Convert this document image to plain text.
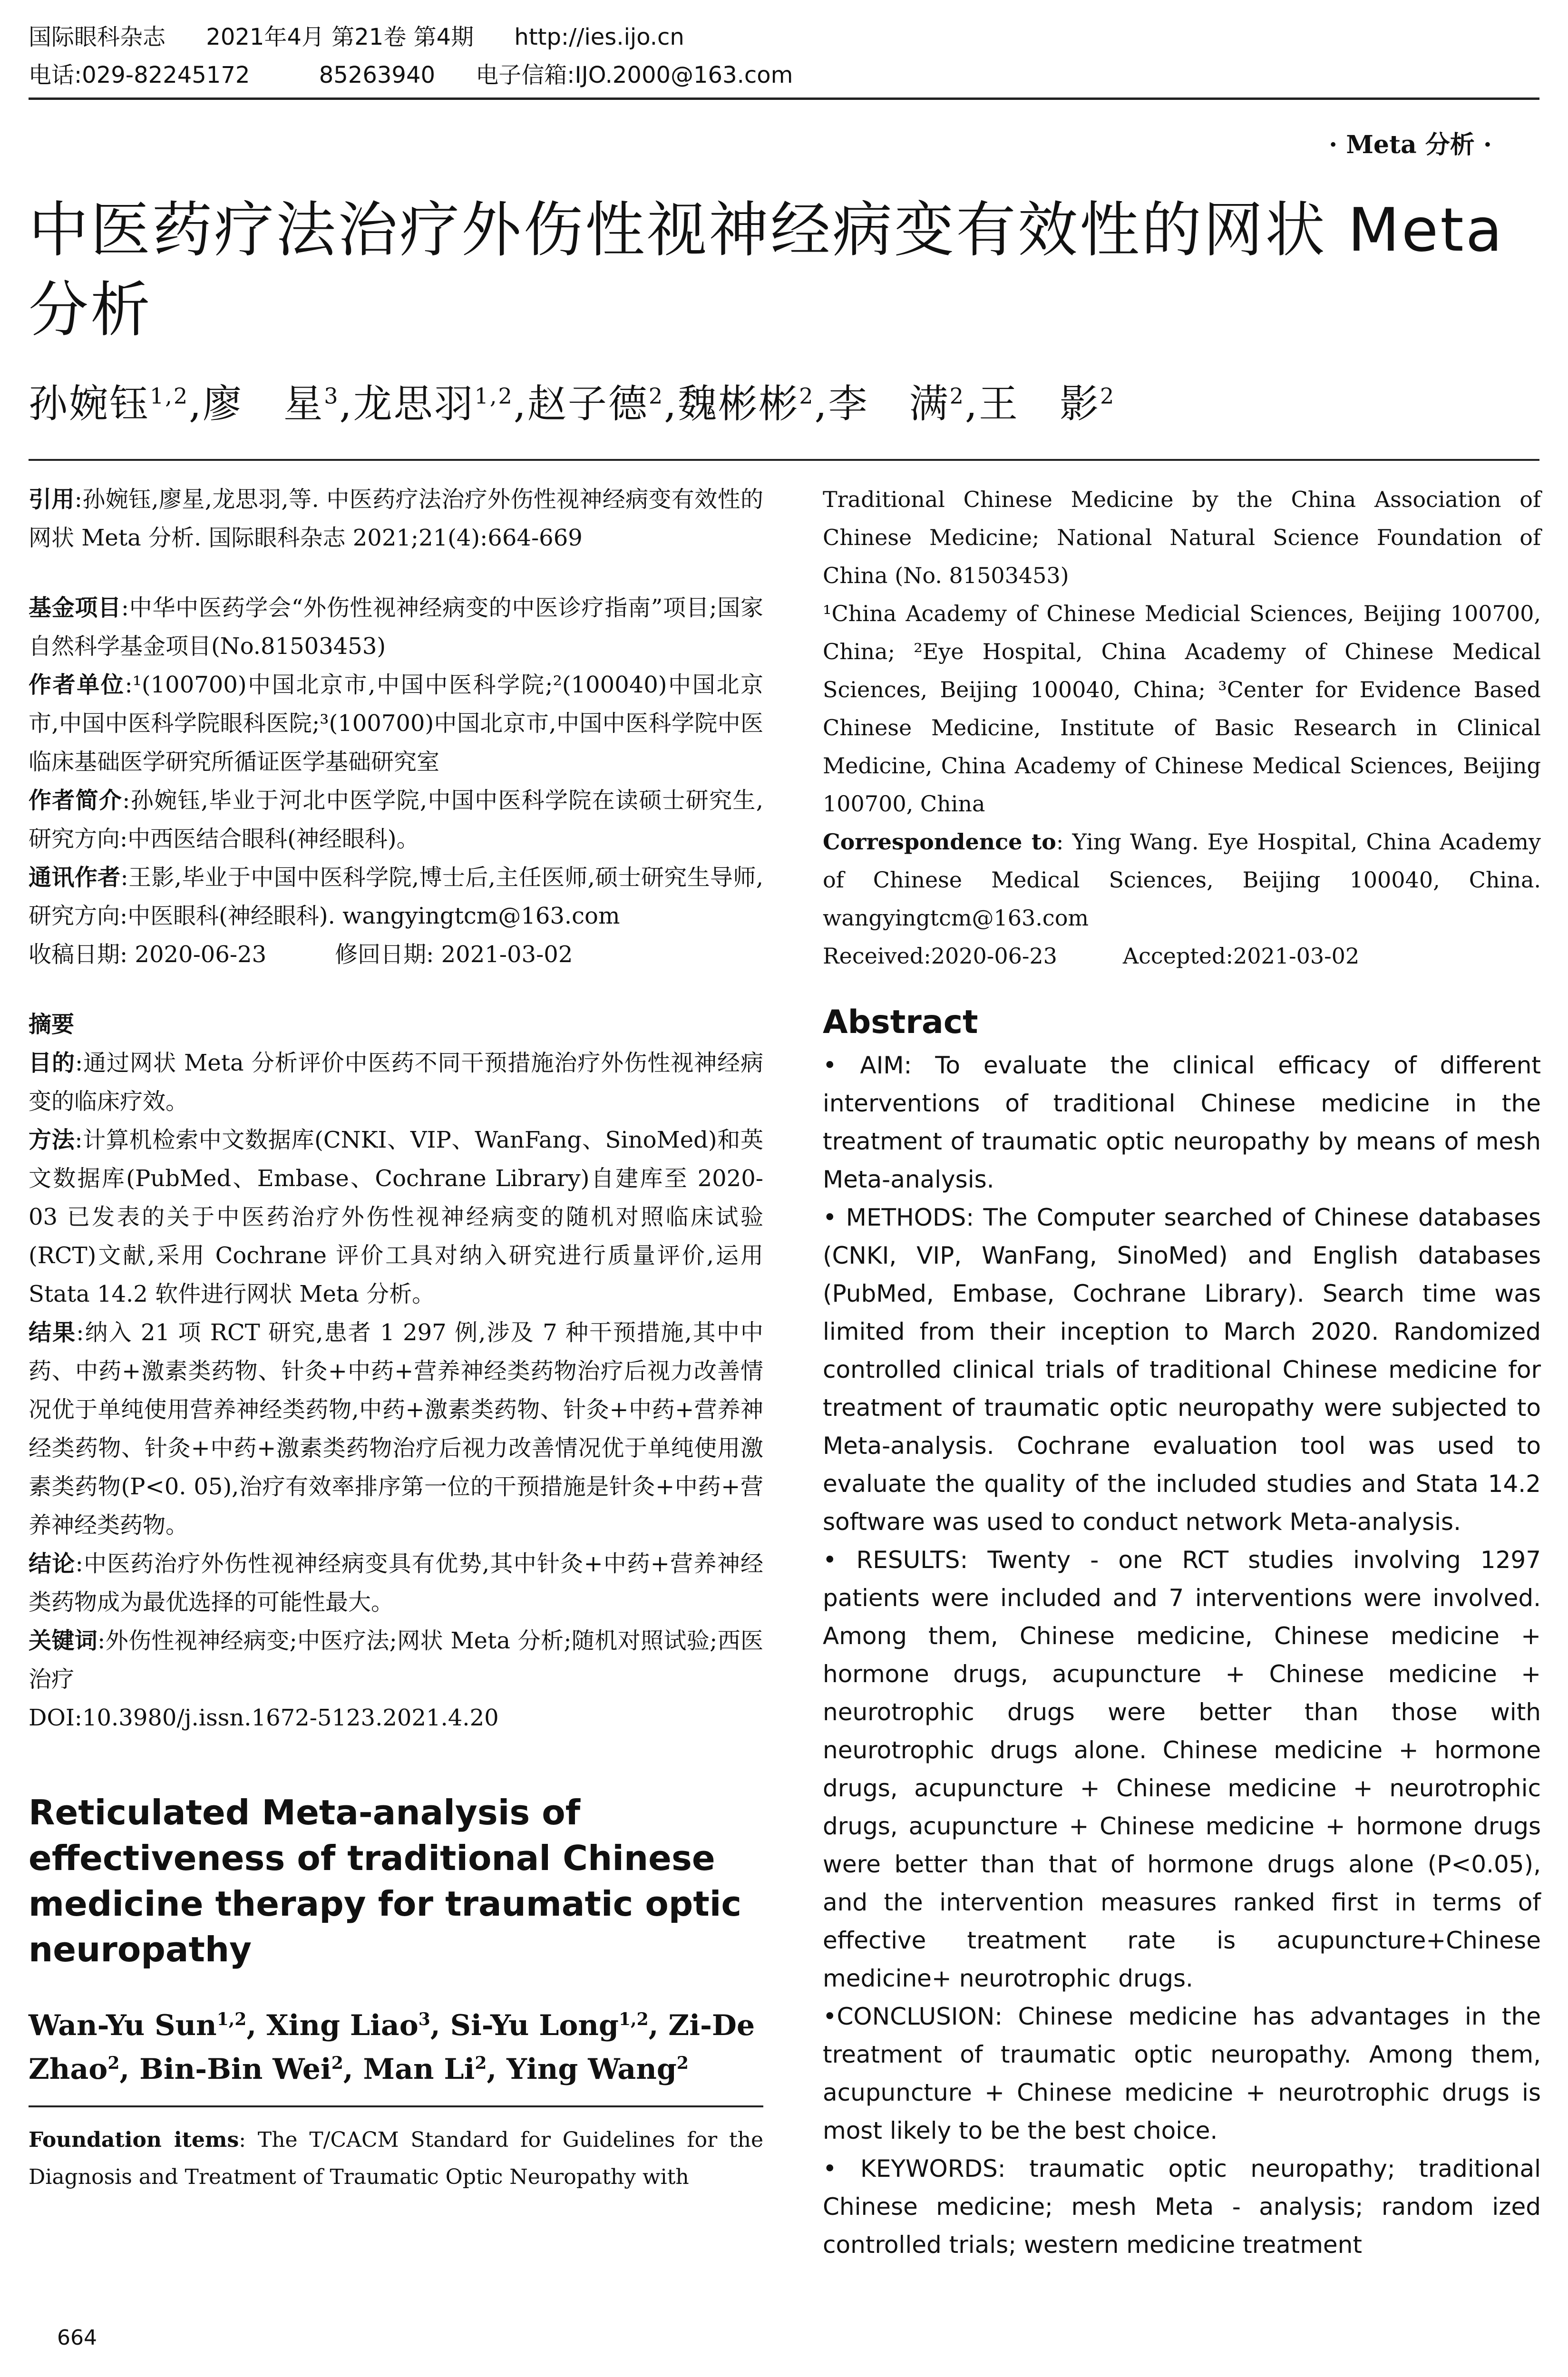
国际眼科杂志 2021年4月 第21卷 第4期 http://ies.ijo.cn
电话:029-82245172	85263940 电子信箱:IJO.2000@163.com
· Meta 分析 ·
中医药疗法治疗外伤性视神经病变有效性的网状 Meta 分析
孙婉钰$^{1,2}$,廖　星$^3$,龙思羽$^{1,2}$,赵子德$^2$,魏彬彬$^2$,李　满$^2$,王　影$^2$

引用:孙婉钰,廖星,龙思羽,等. 中医药疗法治疗外伤性视神经病变有效性的网状 Meta 分析. 国际眼科杂志 2021;21(4):664-669

基金项目:中华中医药学会“外伤性视神经病变的中医诊疗指南”项目;国家自然科学基金项目(No.81503453)

作者单位:¹(100700)中国北京市,中国中医科学院;²(100040)中国北京市,中国中医科学院眼科医院;³(100700)中国北京市,中国中医科学院中医临床基础医学研究所循证医学基础研究室

作者简介:孙婉钰,毕业于河北中医学院,中国中医科学院在读硕士研究生,研究方向:中西医结合眼科(神经眼科)。

通讯作者:王影,毕业于中国中医科学院,博士后,主任医师,硕士研究生导师,研究方向:中医眼科(神经眼科). wangyingtcm@163.com

收稿日期: 2020-06-23　　　修回日期: 2021-03-02

摘要

目的:通过网状 Meta 分析评价中医药不同干预措施治疗外伤性视神经病变的临床疗效。

方法:计算机检索中文数据库(CNKI、VIP、WanFang、SinoMed)和英文数据库(PubMed、Embase、Cochrane Library)自建库至 2020-03 已发表的关于中医药治疗外伤性视神经病变的随机对照临床试验(RCT)文献,采用 Cochrane 评价工具对纳入研究进行质量评价,运用 Stata 14.2 软件进行网状 Meta 分析。

结果:纳入 21 项 RCT 研究,患者 1 297 例,涉及 7 种干预措施,其中中药、中药+激素类药物、针灸+中药+营养神经类药物治疗后视力改善情况优于单纯使用营养神经类药物,中药+激素类药物、针灸+中药+营养神经类药物、针灸+中药+激素类药物治疗后视力改善情况优于单纯使用激素类药物(P<0. 05),治疗有效率排序第一位的干预措施是针灸+中药+营养神经类药物。

结论:中医药治疗外伤性视神经病变具有优势,其中针灸+中药+营养神经类药物成为最优选择的可能性最大。

关键词:外伤性视神经病变;中医疗法;网状 Meta 分析;随机对照试验;西医治疗

DOI:10.3980/j.issn.1672-5123.2021.4.20

Reticulated Meta-analysis of effectiveness of traditional Chinese medicine therapy for traumatic optic neuropathy

Wan-Yu Sun$^{1,2}$, Xing Liao$^3$, Si-Yu Long$^{1,2}$, Zi-De Zhao$^2$, Bin-Bin Wei$^2$, Man Li$^2$, Ying Wang$^2$

Foundation items: The T/CACM Standard for Guidelines for the Diagnosis and Treatment of Traumatic Optic Neuropathy with

Traditional Chinese Medicine by the China Association of Chinese Medicine; National Natural Science Foundation of China (No. 81503453)

¹China Academy of Chinese Medicial Sciences, Beijing 100700, China; ²Eye Hospital, China Academy of Chinese Medical Sciences, Beijing 100040, China; ³Center for Evidence Based Chinese Medicine, Institute of Basic Research in Clinical Medicine, China Academy of Chinese Medical Sciences, Beijing 100700, China

Correspondence to: Ying Wang. Eye Hospital, China Academy of Chinese Medical Sciences, Beijing 100040, China. wangyingtcm@163.com

Received:2020-06-23　　　Accepted:2021-03-02

Abstract

• AIM: To evaluate the clinical efficacy of different interventions of traditional Chinese medicine in the treatment of traumatic optic neuropathy by means of mesh Meta-analysis.

• METHODS: The Computer searched of Chinese databases (CNKI, VIP, WanFang, SinoMed) and English databases (PubMed, Embase, Cochrane Library). Search time was limited from their inception to March 2020. Randomized controlled clinical trials of traditional Chinese medicine for treatment of traumatic optic neuropathy were subjected to Meta-analysis. Cochrane evaluation tool was used to evaluate the quality of the included studies and Stata 14.2 software was used to conduct network Meta-analysis.

• RESULTS: Twenty - one RCT studies involving 1297 patients were included and 7 interventions were involved. Among them, Chinese medicine, Chinese medicine + hormone drugs, acupuncture + Chinese medicine + neurotrophic drugs were better than those with neurotrophic drugs alone. Chinese medicine + hormone drugs, acupuncture + Chinese medicine + neurotrophic drugs, acupuncture + Chinese medicine + hormone drugs were better than that of hormone drugs alone (P<0.05), and the intervention measures ranked first in terms of effective treatment rate is acupuncture+Chinese medicine+ neurotrophic drugs.

•CONCLUSION: Chinese medicine has advantages in the treatment of traumatic optic neuropathy. Among them, acupuncture + Chinese medicine + neurotrophic drugs is most likely to be the best choice.

• KEYWORDS: traumatic optic neuropathy; traditional Chinese medicine; mesh Meta - analysis; random ized controlled trials; western medicine treatment

664
